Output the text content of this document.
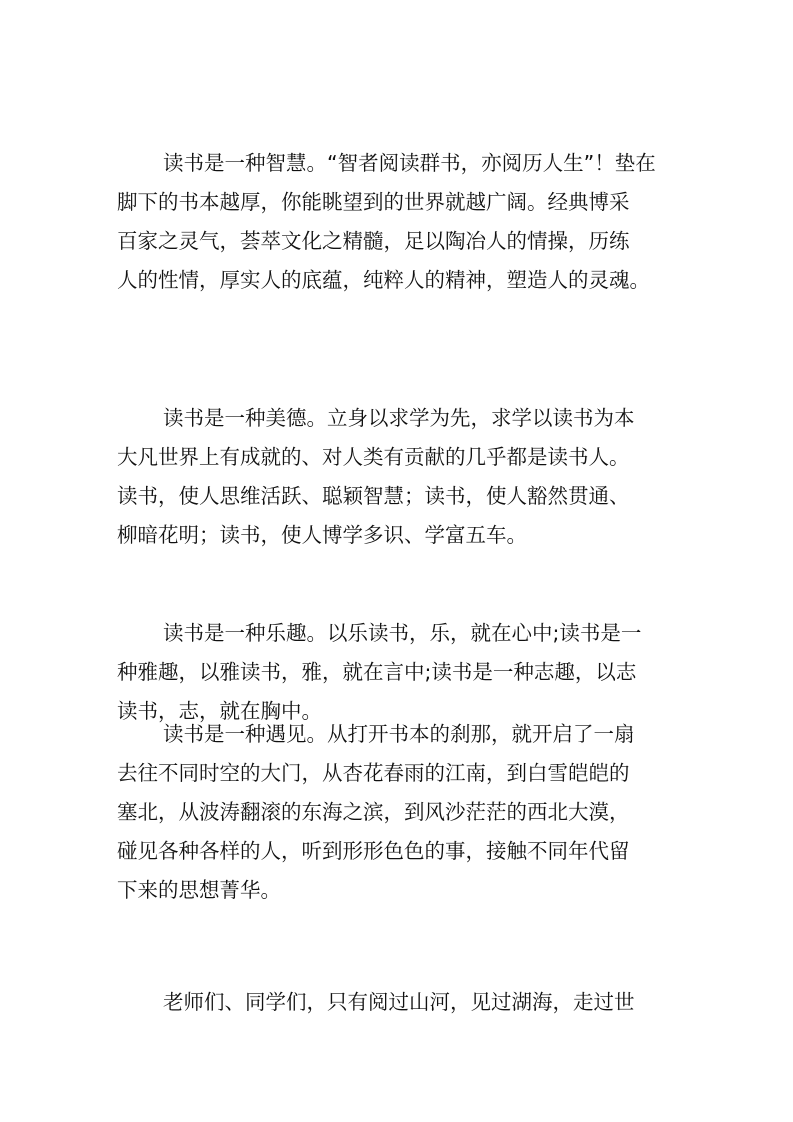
读书是一种智慧。“智者阅读群书，亦阅历人生”！垫在
脚下的书本越厚，你能眺望到的世界就越广阔。经典博采
百家之灵气，荟萃文化之精髓，足以陶冶人的情操，历练
人的性情，厚实人的底蕴，纯粹人的精神，塑造人的灵魂。

读书是一种美德。立身以求学为先，求学以读书为本
大凡世界上有成就的、对人类有贡献的几乎都是读书人。
读书，使人思维活跃、聪颖智慧；读书，使人豁然贯通、
柳暗花明；读书，使人博学多识、学富五车。

读书是一种乐趣。以乐读书，乐，就在心中;读书是一
种雅趣，以雅读书，雅，就在言中;读书是一种志趣，以志
读书，志，就在胸中。

读书是一种遇见。从打开书本的刹那，就开启了一扇
去往不同时空的大门，从杏花春雨的江南，到白雪皑皑的
塞北，从波涛翻滚的东海之滨，到风沙茫茫的西北大漠，
碰见各种各样的人，听到形形色色的事，接触不同年代留
下来的思想菁华。

老师们、同学们，只有阅过山河，见过湖海，走过世
